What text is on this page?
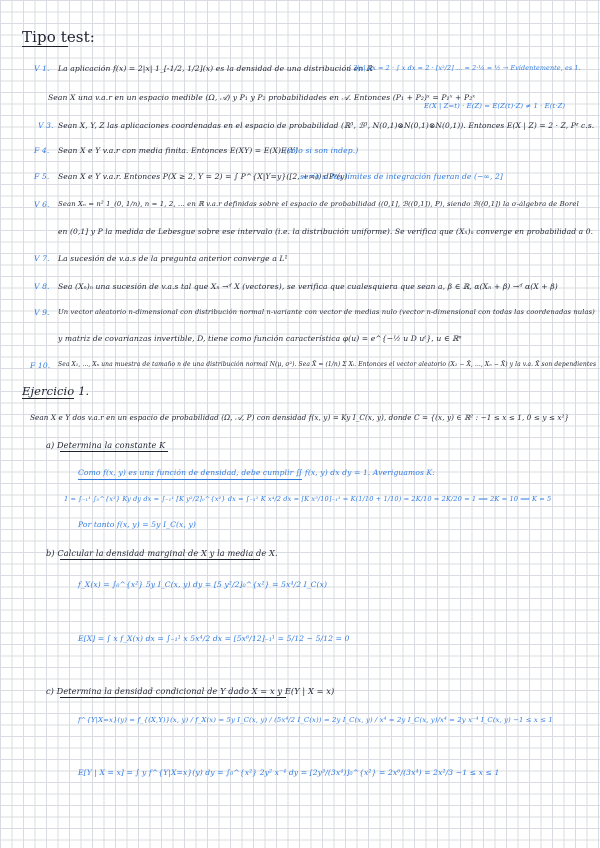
Tipo test:
V 1. La aplicación f(x) = 2|x| 1_[-1/2, 1/2](x) es la densidad de una distribución en ℝ
∫ 2|x| dx = 2 · ∫ x dx = 2 · [x²/2] … = 2·¼ = ½ → Evidentemente, es 1.
Sean X una v.a.r en un espacio medible (Ω, 𝒜) y P₁ y P₂ probabilidades en 𝒜. Entonces (P₁ + P₂)ˣ = P₁ˣ + P₂ˣ
E(X | Z=t) · E(Z) = E(Z(t)·Z) ≠ 1 · E(t·Z)
V 3. Sean X, Y, Z las aplicaciones coordenadas en el espacio de probabilidad (ℝ³, ℬ³, N(0,1)⊗N(0,1)⊗N(0,1)). Entonces E(X | Z) = 2 · Z, Pᶻ c.s.
F 4. Sean X e Y v.a.r con media finita. Entonces E(XY) = E(X)E(Y)
(sólo si son indep.)
F 5. Sean X e Y v.a.r. Entonces P(X ≥ 2, Y = 2) = ∫ P^{X|Y=y}([2, +∞)) dPʸ(y)
sería si los límites de integración fueran de (−∞, 2]
V 6. Sean Xₙ = n² 1_(0, 1/n), n = 1, 2, … en ℝ v.a.r definidas sobre el espacio de probabilidad ((0,1], ℬ((0,1]), P), siendo ℬ((0,1]) la σ-álgebra de Borel
en (0,1] y P la medida de Lebesgue sobre ese intervalo (i.e. la distribución uniforme). Se verifica que (Xₙ)ₙ converge en probabilidad a 0.
V 7. La sucesión de v.a.s de la pregunta anterior converge a L¹
V 8. Sea (Xₙ)ₙ una sucesión de v.a.s tal que Xₙ →ᵈ X (vectores), se verifica que cualesquiera que sean a, β ∈ ℝ, α(Xₙ + β) →ᵈ α(X + β)
V 9. Un vector aleatorio n-dimensional con distribución normal n-variante con vector de medias nulo (vector n-dimensional con todas las coordenadas nulas)
y matriz de covarianzas invertible, D, tiene como función característica φ(u) = e^{−½ u D uᵗ}, u ∈ ℝⁿ
F 10. Sea X₁, …, Xₙ una muestra de tamaño n de una distribución normal N(μ, σ²). Sea X̄ = (1/n) Σ Xᵢ. Entonces el vector aleatorio (X₁ − X̄, …, Xₙ − X̄) y la v.a. X̄ son dependientes
Ejercicio 1.
Sean X e Y dos v.a.r en un espacio de probabilidad (Ω, 𝒜, P) con densidad f(x, y) = Ky I_C(x, y), donde C = {(x, y) ∈ ℝ² : −1 ≤ x ≤ 1, 0 ≤ y ≤ x²}
a) Determina la constante K
Como f(x, y) es una función de densidad, debe cumplir ∬ f(x, y) dx dy = 1. Averiguamos K:
1 = ∫₋₁¹ ∫₀^{x²} Ky dy dx = ∫₋₁¹ [K y²/2]₀^{x²} dx = ∫₋₁¹ K x⁴/2 dx = [K x⁵/10]₋₁¹ = K(1/10 + 1/10) = 2K/10 = 2K/20 = 1 ⟹ 2K = 10 ⟹ K = 5
Por tanto f(x, y) = 5y I_C(x, y)
b) Calcular la densidad marginal de X y la media de X.
f_X(x) = ∫₀^{x²} 5y I_C(x, y) dy = [5 y²/2]₀^{x²} = 5x⁴/2 I_C(x)
E[X] = ∫ x f_X(x) dx = ∫₋₁¹ x 5x⁴/2 dx = [5x⁶/12]₋₁¹ = 5/12 − 5/12 = 0
c) Determina la densidad condicional de Y dado X = x y E(Y | X = x)
f^{Y|X=x}(y) = f_{(X,Y)}(x, y) / f_X(x) = 5y I_C(x, y) / (5x⁴/2 I_C(x)) = 2y I_C(x, y) / x⁴ = 2y I_C(x, y)/x⁴ = 2y x⁻⁴ I_C(x, y) −1 ≤ x ≤ 1
E[Y | X = x] = ∫ y f^{Y|X=x}(y) dy = ∫₀^{x²} 2y² x⁻⁴ dy = [2y³/(3x⁴)]₀^{x²} = 2x⁶/(3x⁴) = 2x²/3 −1 ≤ x ≤ 1
